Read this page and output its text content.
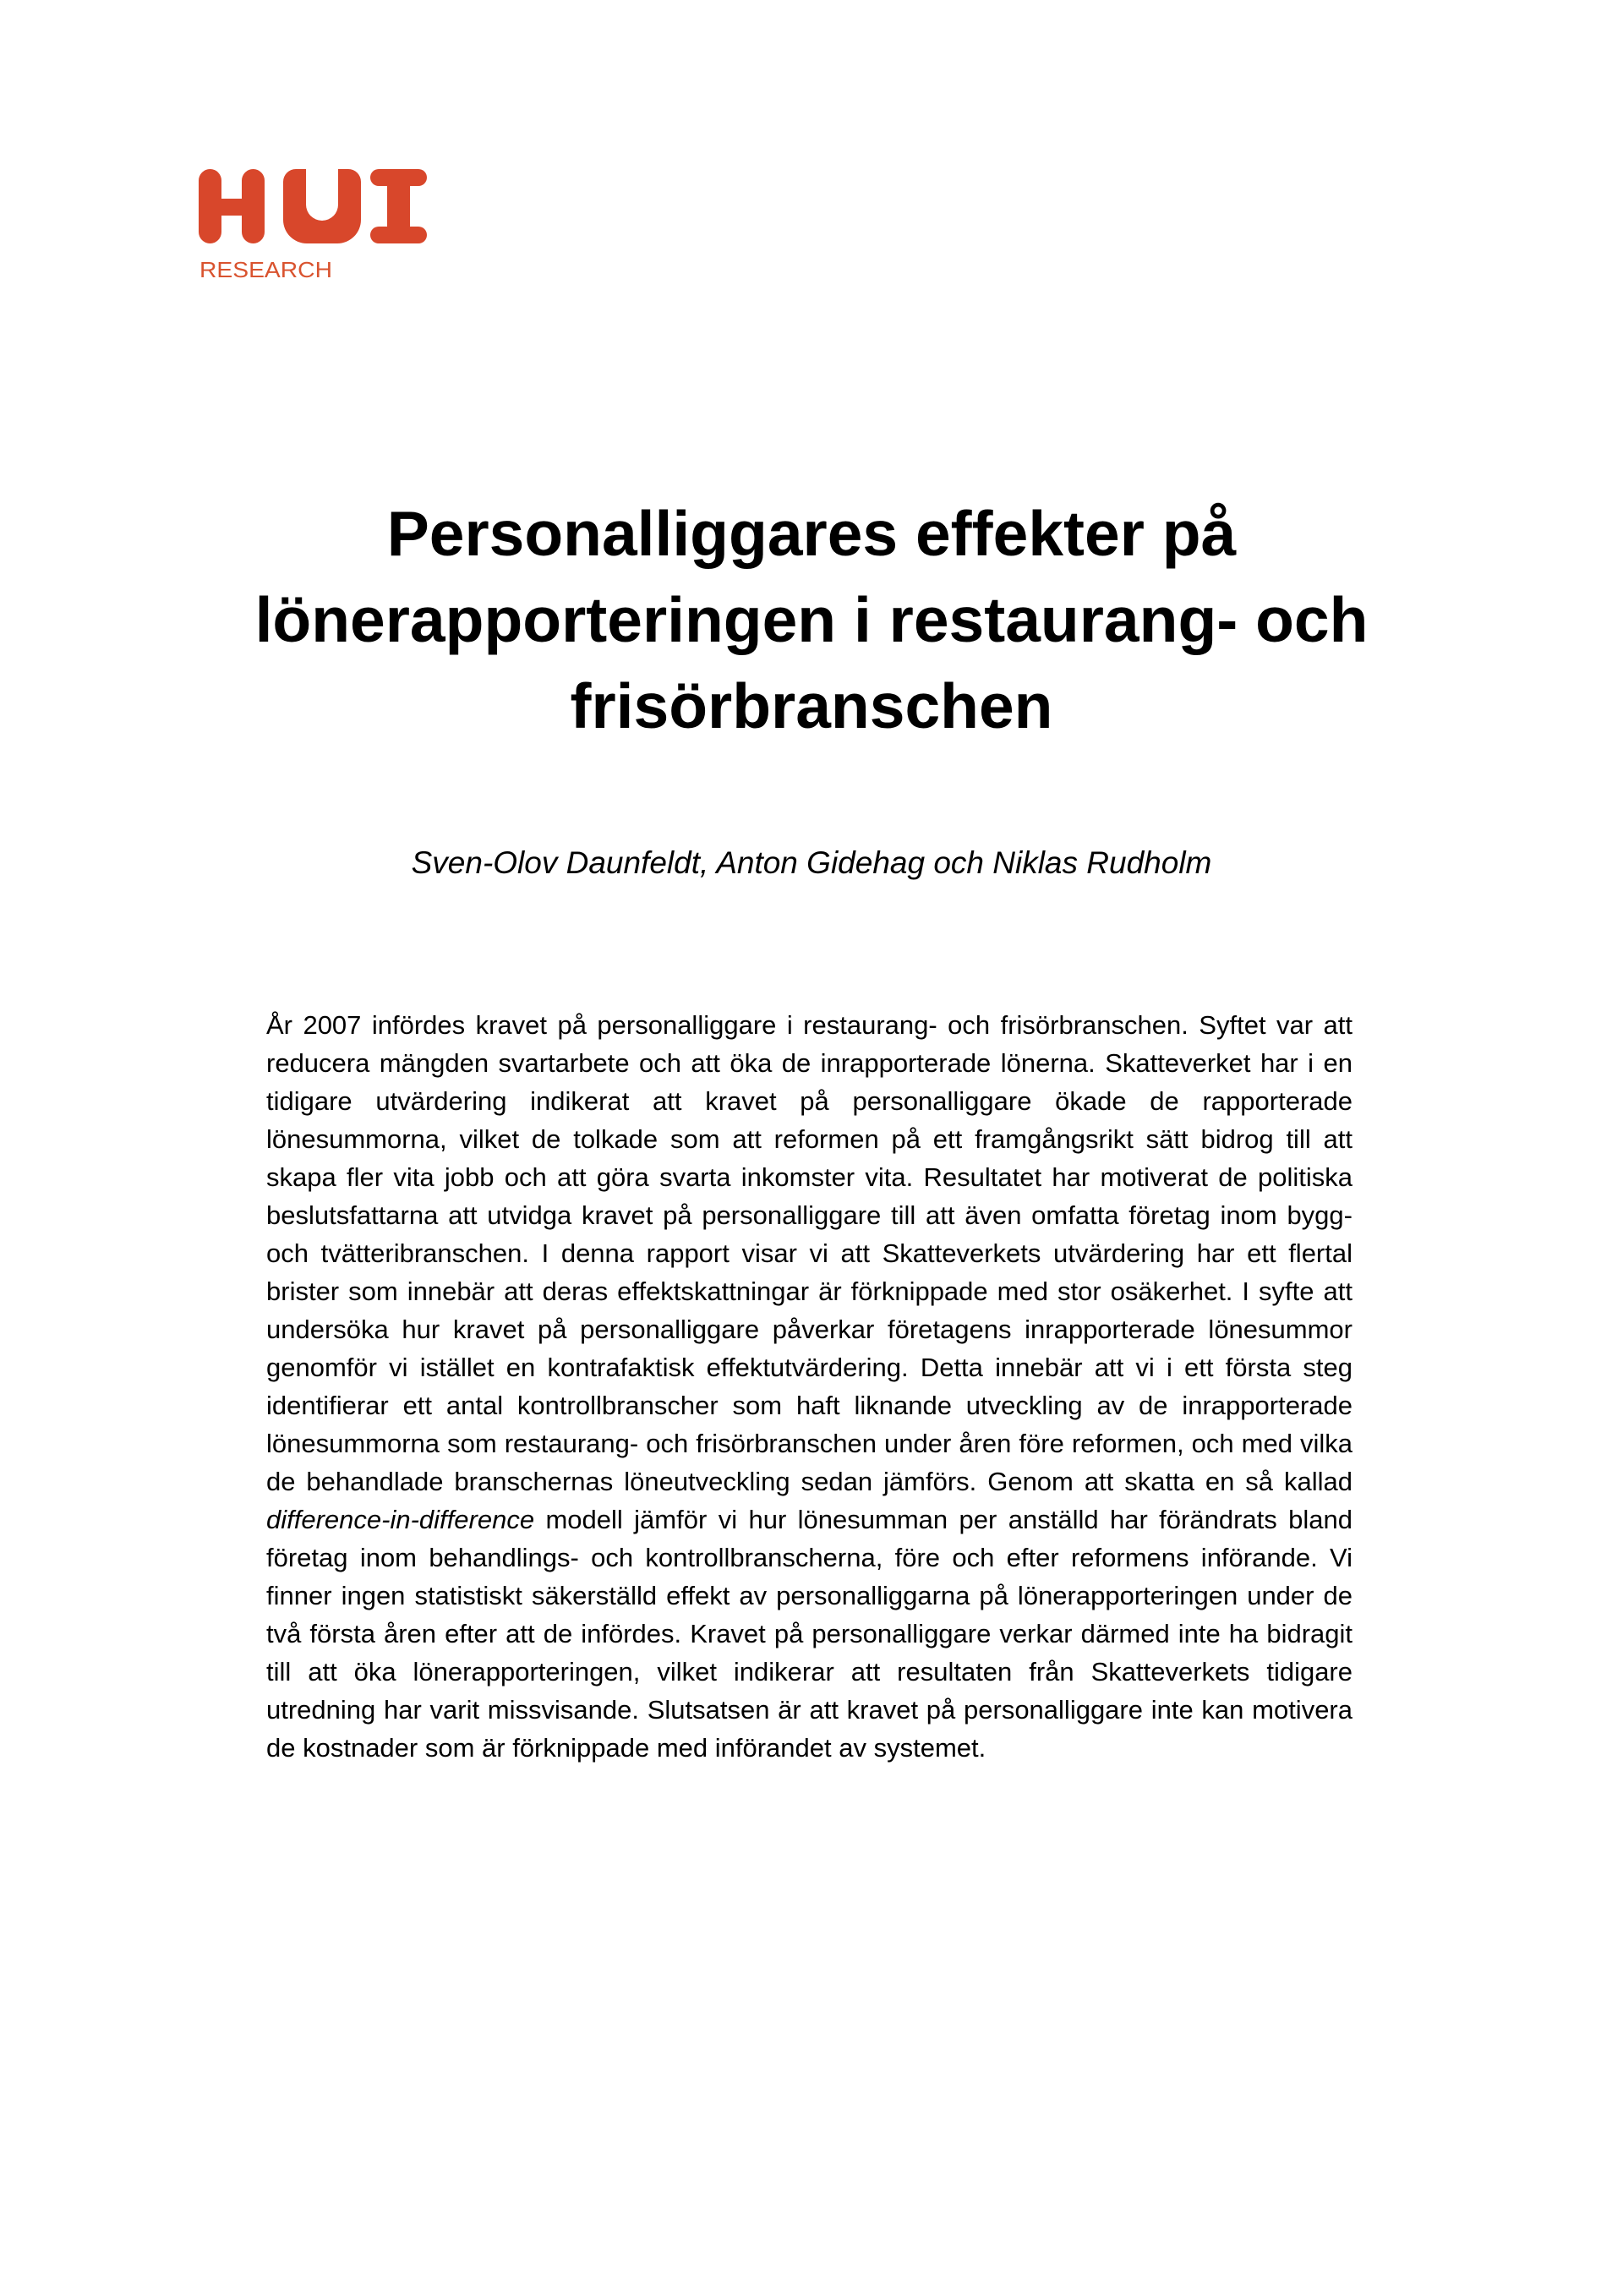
RESEARCH
Personalliggares effekter på
lönerapporteringen i restaurang- och
frisörbranschen
Sven-Olov Daunfeldt, Anton Gidehag och Niklas Rudholm

År 2007 infördes kravet på personalliggare i restaurang- och frisörbranschen. Syftet var att reducera mängden svartarbete och att öka de inrapporterade lönerna. Skatteverket har i en tidigare utvärdering indikerat att kravet på personalliggare ökade de rapporterade lönesummorna, vilket de tolkade som att reformen på ett framgångsrikt sätt bidrog till att skapa fler vita jobb och att göra svarta inkomster vita. Resultatet har motiverat de politiska beslutsfattarna att utvidga kravet på personalliggare till att även omfatta företag inom bygg- och tvätteribranschen. I denna rapport visar vi att Skatteverkets utvärdering har ett flertal brister som innebär att deras effektskattningar är förknippade med stor osäkerhet. I syfte att undersöka hur kravet på personalliggare påverkar företagens inrapporterade lönesummor genomför vi istället en kontrafaktisk effektutvärdering. Detta innebär att vi i ett första steg identifierar ett antal kontrollbranscher som haft liknande utveckling av de inrapporterade lönesummorna som restaurang- och frisörbranschen under åren före reformen, och med vilka de behandlade branschernas löneutveckling sedan jämförs. Genom att skatta en så kallad difference-in-difference modell jämför vi hur lönesumman per anställd har förändrats bland företag inom behandlings- och kontrollbranscherna, före och efter reformens införande. Vi finner ingen statistiskt säkerställd effekt av personalliggarna på lönerapporteringen under de två första åren efter att de infördes. Kravet på personalliggare verkar därmed inte ha bidragit till att öka lönerapporteringen, vilket indikerar att resultaten från Skatteverkets tidigare utredning har varit missvisande. Slutsatsen är att kravet på personalliggare inte kan motivera de kostnader som är förknippade med införandet av systemet.
